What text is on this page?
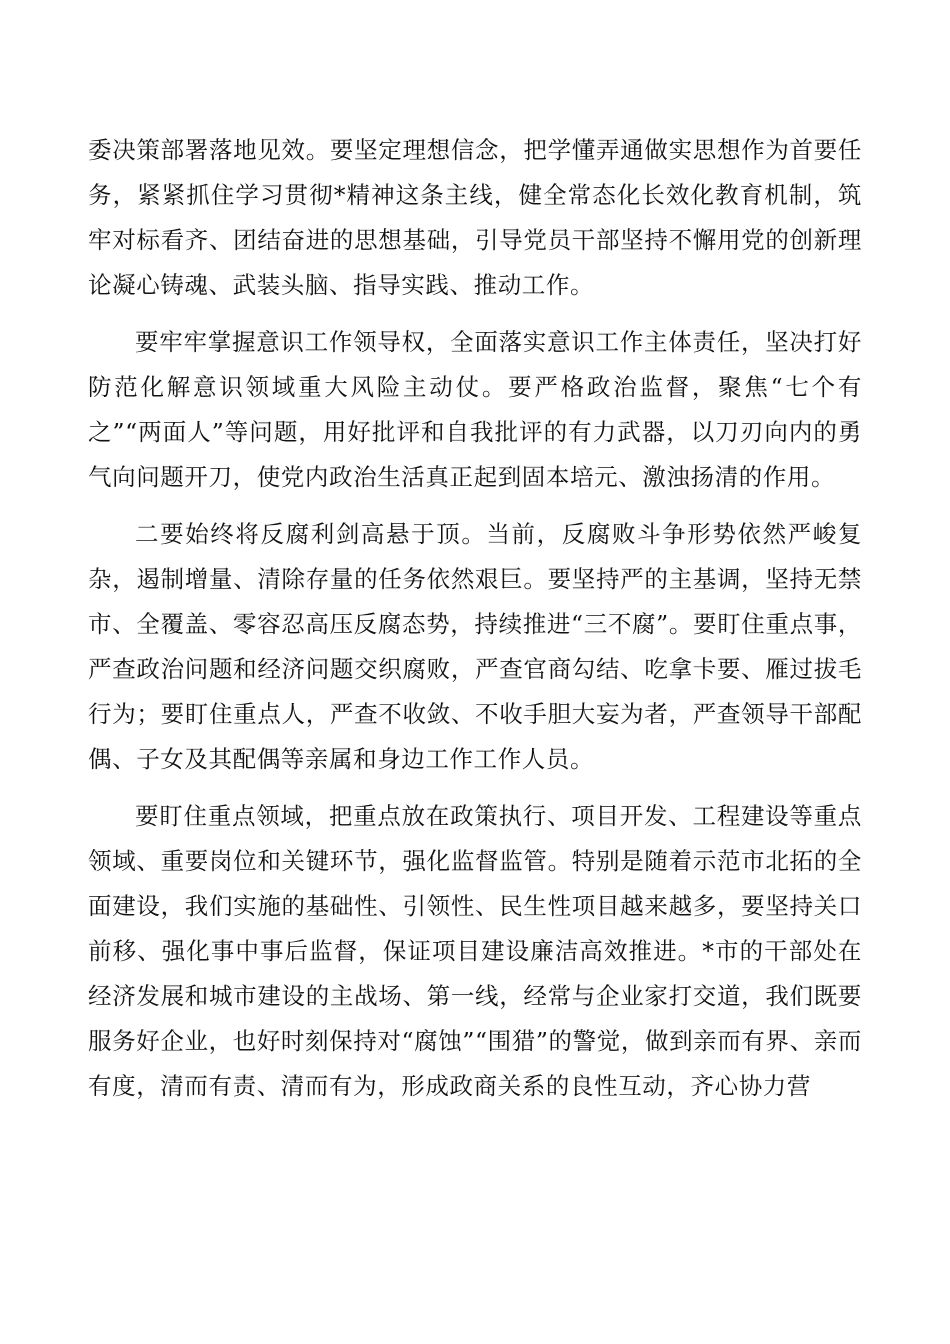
委决策部署落地见效。要坚定理想信念，把学懂弄通做实思想作为首要任务，紧紧抓住学习贯彻*精神这条主线，健全常态化长效化教育机制，筑牢对标看齐、团结奋进的思想基础，引导党员干部坚持不懈用党的创新理论凝心铸魂、武装头脑、指导实践、推动工作。

要牢牢掌握意识工作领导权，全面落实意识工作主体责任，坚决打好防范化解意识领域重大风险主动仗。要严格政治监督，聚焦“七个有之”“两面人”等问题，用好批评和自我批评的有力武器，以刀刃向内的勇气向问题开刀，使党内政治生活真正起到固本培元、激浊扬清的作用。

二要始终将反腐利剑高悬于顶。当前，反腐败斗争形势依然严峻复杂，遏制增量、清除存量的任务依然艰巨。要坚持严的主基调，坚持无禁市、全覆盖、零容忍高压反腐态势，持续推进“三不腐”。要盯住重点事，严查政治问题和经济问题交织腐败，严查官商勾结、吃拿卡要、雁过拔毛行为；要盯住重点人，严查不收敛、不收手胆大妄为者，严查领导干部配偶、子女及其配偶等亲属和身边工作工作人员。

要盯住重点领域，把重点放在政策执行、项目开发、工程建设等重点领域、重要岗位和关键环节，强化监督监管。特别是随着示范市北拓的全面建设，我们实施的基础性、引领性、民生性项目越来越多，要坚持关口前移、强化事中事后监督，保证项目建设廉洁高效推进。*市的干部处在经济发展和城市建设的主战场、第一线，经常与企业家打交道，我们既要服务好企业，也好时刻保持对“腐蚀”“围猎”的警觉，做到亲而有界、亲而有度，清而有责、清而有为，形成政商关系的良性互动，齐心协力营
